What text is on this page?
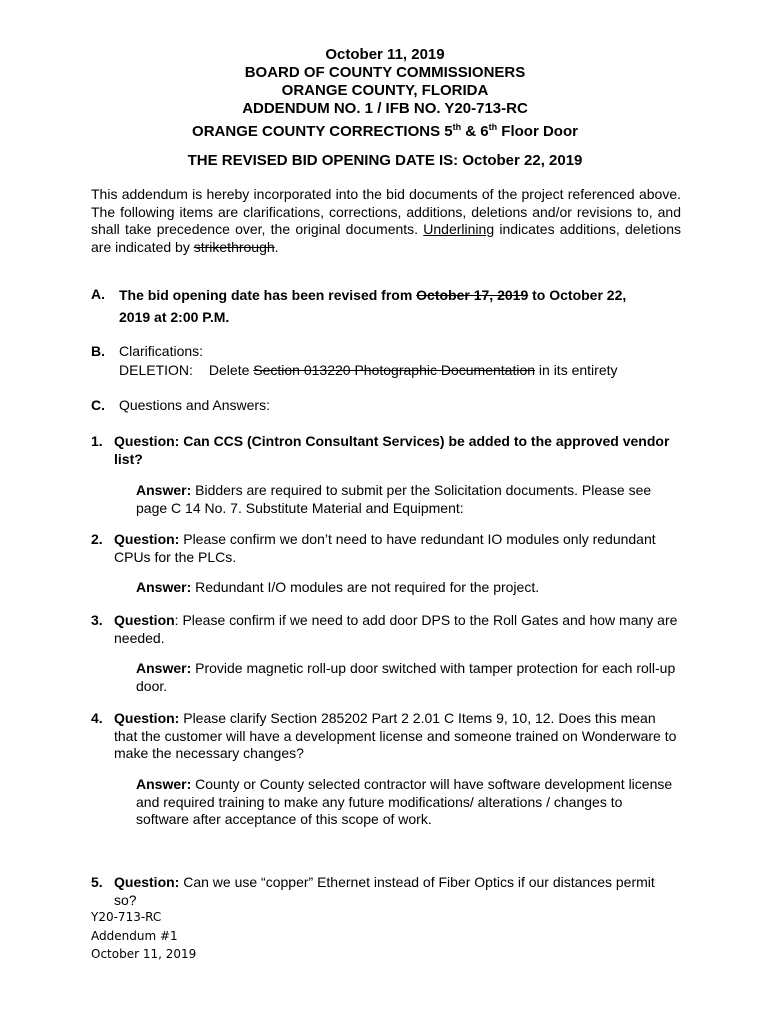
October 11, 2019
BOARD OF COUNTY COMMISSIONERS
ORANGE COUNTY, FLORIDA
ADDENDUM NO. 1 / IFB NO. Y20-713-RC
ORANGE COUNTY CORRECTIONS 5th & 6th Floor Door
THE REVISED BID OPENING DATE IS: October 22, 2019
This addendum is hereby incorporated into the bid documents of the project referenced above. The following items are clarifications, corrections, additions, deletions and/or revisions to, and shall take precedence over, the original documents. Underlining indicates additions, deletions are indicated by strikethrough.
A. The bid opening date has been revised from October 17, 2019 to October 22, 2019 at 2:00 P.M.
B. Clarifications:
DELETION: Delete Section 013220 Photographic Documentation in its entirety
C. Questions and Answers:
1. Question: Can CCS (Cintron Consultant Services) be added to the approved vendor list?
Answer: Bidders are required to submit per the Solicitation documents. Please see page C 14 No. 7. Substitute Material and Equipment:
2. Question: Please confirm we don’t need to have redundant IO modules only redundant CPUs for the PLCs.
Answer: Redundant I/O modules are not required for the project.
3. Question: Please confirm if we need to add door DPS to the Roll Gates and how many are needed.
Answer: Provide magnetic roll-up door switched with tamper protection for each roll-up door.
4. Question: Please clarify Section 285202 Part 2 2.01 C Items 9, 10, 12. Does this mean that the customer will have a development license and someone trained on Wonderware to make the necessary changes?
Answer: County or County selected contractor will have software development license and required training to make any future modifications/ alterations / changes to software after acceptance of this scope of work.
5. Question: Can we use “copper” Ethernet instead of Fiber Optics if our distances permit so?
Y20-713-RC
Addendum #1
October 11, 2019
